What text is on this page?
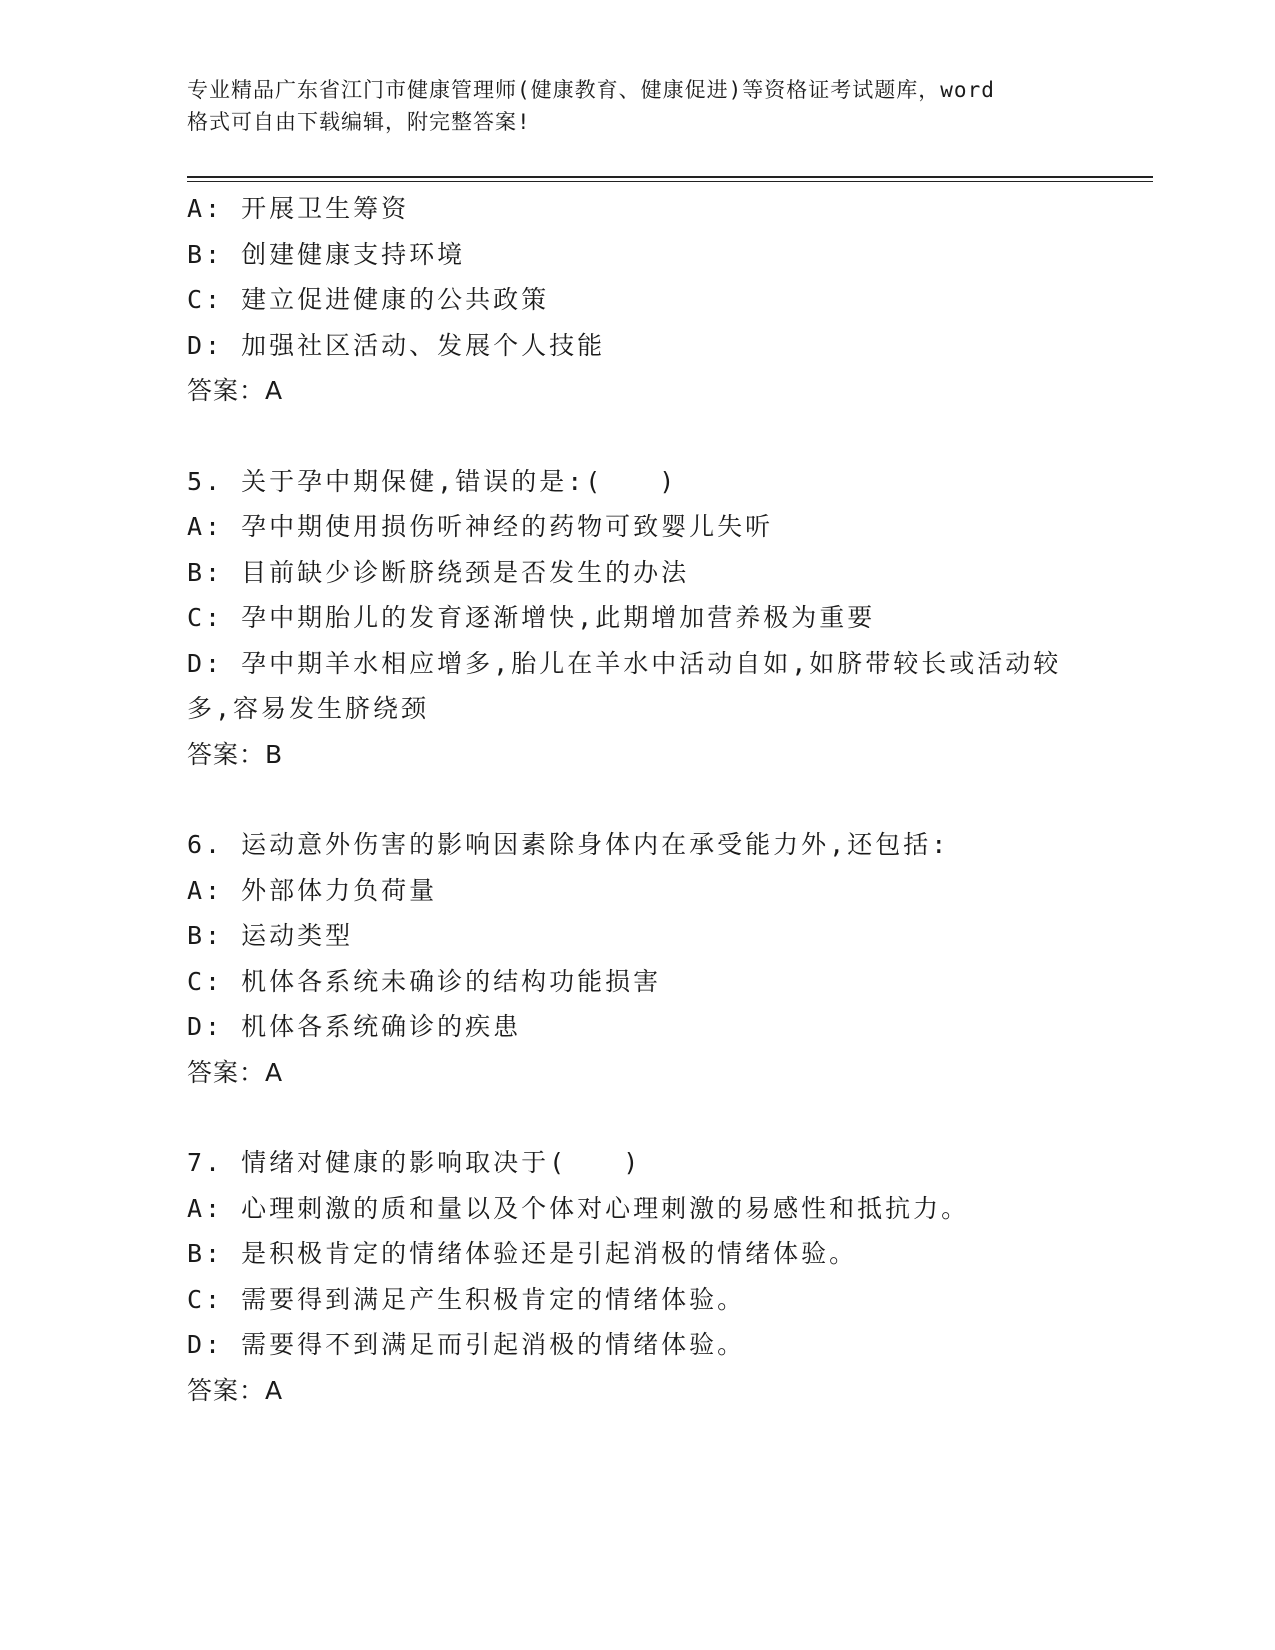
专业精品广东省江门市健康管理师(健康教育、健康促进)等资格证考试题库，word
格式可自由下载编辑，附完整答案!
A: 开展卫生筹资
B: 创建健康支持环境
C: 建立促进健康的公共政策
D: 加强社区活动、发展个人技能
答案：A
5. 关于孕中期保健,错误的是:(　　)
A: 孕中期使用损伤听神经的药物可致婴儿失听
B: 目前缺少诊断脐绕颈是否发生的办法
C: 孕中期胎儿的发育逐渐增快,此期增加营养极为重要
D: 孕中期羊水相应增多,胎儿在羊水中活动自如,如脐带较长或活动较
多,容易发生脐绕颈
答案：B
6. 运动意外伤害的影响因素除身体内在承受能力外,还包括:
A: 外部体力负荷量
B: 运动类型
C: 机体各系统未确诊的结构功能损害
D: 机体各系统确诊的疾患
答案：A
7. 情绪对健康的影响取决于(　　)
A: 心理刺激的质和量以及个体对心理刺激的易感性和抵抗力。
B: 是积极肯定的情绪体验还是引起消极的情绪体验。
C: 需要得到满足产生积极肯定的情绪体验。
D: 需要得不到满足而引起消极的情绪体验。
答案：A
